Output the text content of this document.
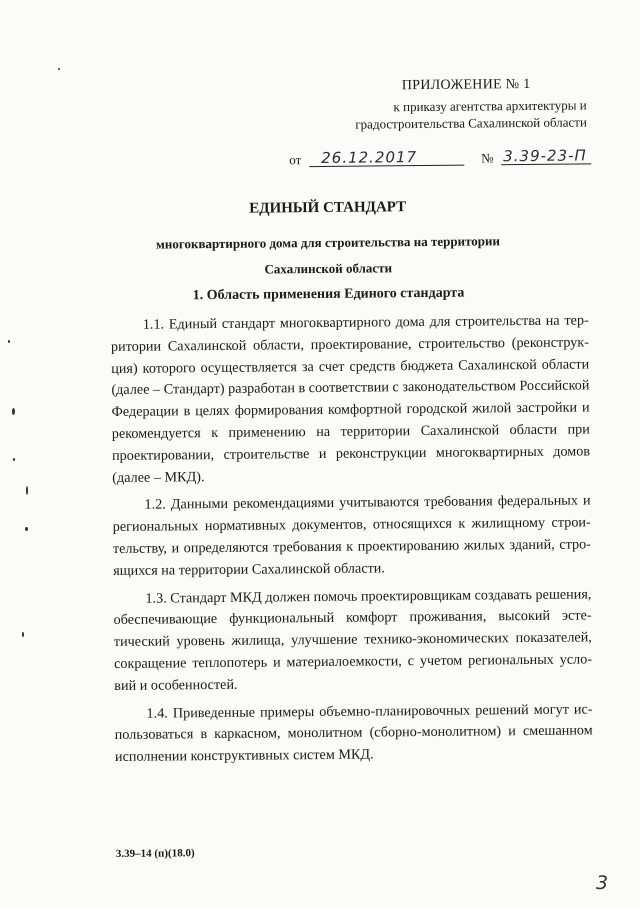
ПРИЛОЖЕНИЕ № 1
к приказу агентства архитектуры и
градостроительства Сахалинской области
от 26.12.2017	№ 3.39-23-П
ЕДИНЫЙ СТАНДАРТ
многоквартирного дома для строительства на территории
Сахалинской области
1. Область применения Единого стандарта

1.1. Единый стандарт многоквартирного дома для строительства на территории Сахалинской области, проектирование, строительство (реконструкция) которого осуществляется за счет средств бюджета Сахалинской области (далее – Стандарт) разработан в соответствии с законодательством Российской Федерации в целях формирования комфортной городской жилой застройки и рекомендуется к применению на территории Сахалинской области при проектировании, строительстве и реконструкции многоквартирных домов (далее – МКД).

1.2. Данными рекомендациями учитываются требования федеральных и региональных нормативных документов, относящихся к жилищному строительству, и определяются требования к проектированию жилых зданий, строящихся на территории Сахалинской области.

1.3. Стандарт МКД должен помочь проектировщикам создавать решения, обеспечивающие функциональный комфорт проживания, высокий эстетический уровень жилища, улучшение технико-экономических показателей, сокращение теплопотерь и материалоемкости, с учетом региональных условий и особенностей.

1.4. Приведенные примеры объемно-планировочных решений могут использоваться в каркасном, монолитном (сборно-монолитном) и смешанном исполнении конструктивных систем МКД.

3.39–14 (п)(18.0)
3
